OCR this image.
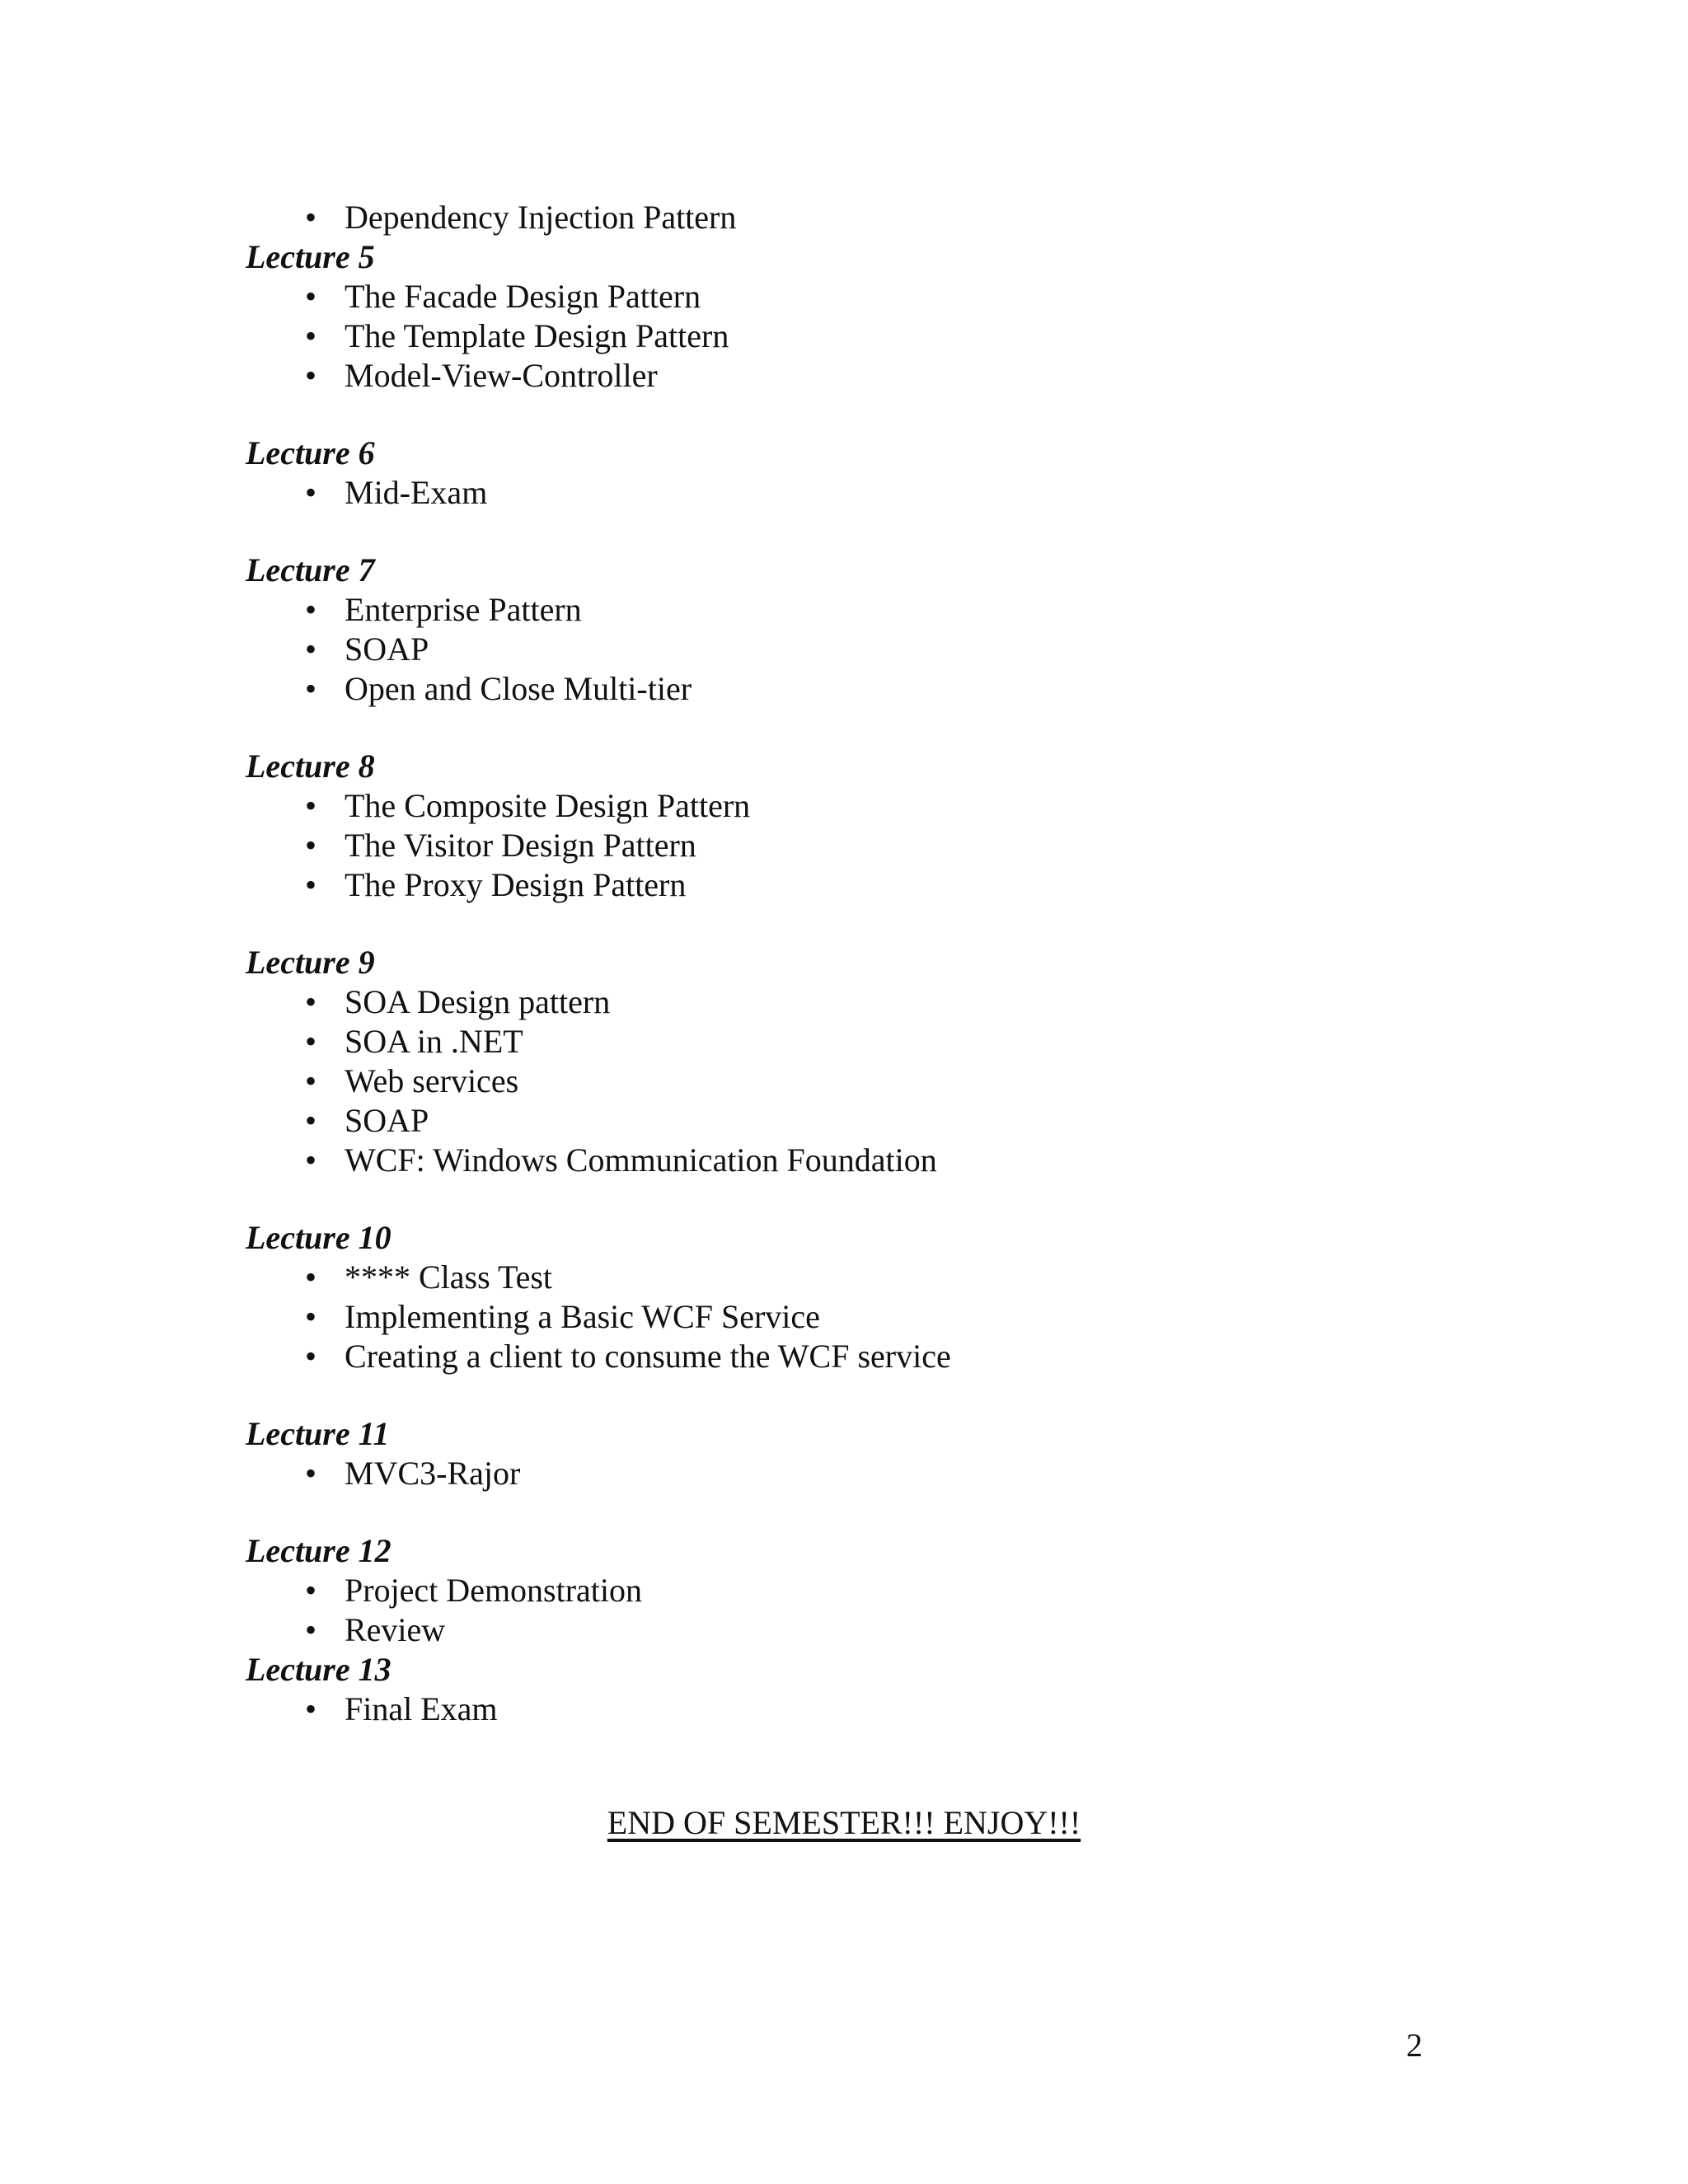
• Dependency Injection Pattern
Lecture 5
• The Facade Design Pattern
• The Template Design Pattern
• Model-View-Controller
Lecture 6
• Mid-Exam
Lecture 7
• Enterprise Pattern
• SOAP
• Open and Close Multi-tier
Lecture 8
• The Composite Design Pattern
• The Visitor Design Pattern
• The Proxy Design Pattern
Lecture 9
• SOA Design pattern
• SOA in .NET
• Web services
• SOAP
• WCF: Windows Communication Foundation
Lecture 10
• **** Class Test
• Implementing a Basic WCF Service
• Creating a client to consume the WCF service
Lecture 11
• MVC3-Rajor
Lecture 12
• Project Demonstration
• Review
Lecture 13
• Final Exam
END OF SEMESTER!!! ENJOY!!!
2
